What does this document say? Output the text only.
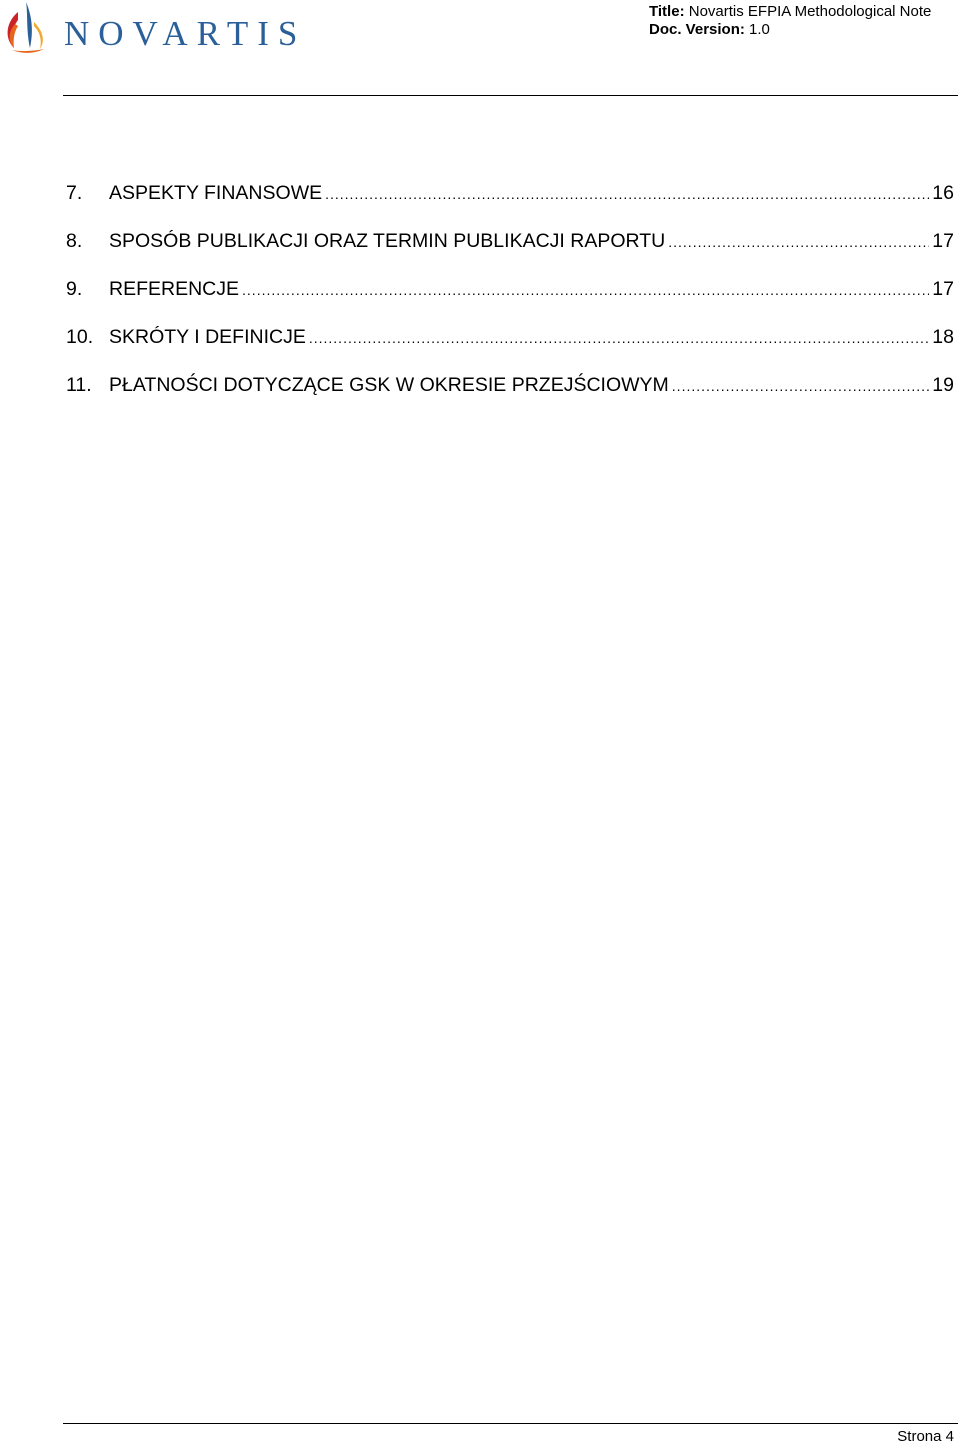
NOVARTIS
Title: Novartis EFPIA Methodological Note
Doc. Version: 1.0
7.	ASPEKTY FINANSOWE .....	16
8.	SPOSÓB PUBLIKACJI ORAZ TERMIN PUBLIKACJI RAPORTU .....	17
9.	REFERENCJE .....	17
10. SKRÓTY I DEFINICJE .....	18
11. PŁATNOŚCI DOTYCZĄCE GSK W OKRESIE PRZEJŚCIOWYM .....	19
Strona 4
